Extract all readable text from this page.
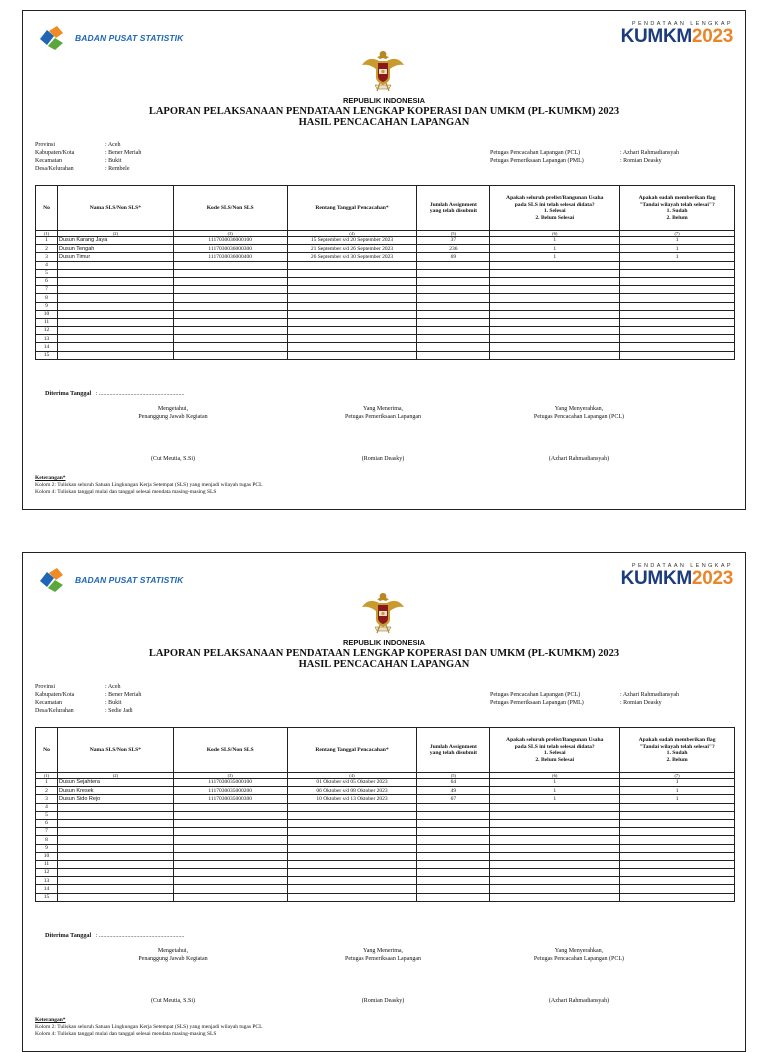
BADAN PUSAT STATISTIK
PENDATAAN LENGKAP
KUMKM2023
REPUBLIK INDONESIA
LAPORAN PELAKSANAAN PENDATAAN LENGKAP KOPERASI DAN UMKM (PL-KUMKM) 2023
HASIL PENCACAHAN LAPANGAN
Provinsi	: Aceh
Kabupaten/Kota	: Bener Meriah
Kecamatan	: Bukit
Desa/Kelurahan	: Rembele
Petugas Pencacahan Lapangan (PCL)	: Azhari Rahmadiansyah
Petugas Pemeriksaan Lapangan (PML)	: Romian Deasky
No	Nama SLS/Non SLS*	Kode SLS/Non SLS	Rentang Tanggal Pencacahan*	Jumlah Assignment
yang telah disubmit	Apakah seluruh prelist/Bangunan Usaha
pada SLS ini telah selesai didata?
1. Selesai
2. Belum Selesai	Apakah sudah memberikan flag
"Tandai wilayah telah selesai"?
1. Sudah
2. Belum
(1)	(2)	(3)	(4)	(5)	(6)	(7)
1	Dusun Karang Jaya	1117030036000100	15 September s/d 20 September 2023	37	1	1
2	Dusun Tengah	1117030036000300	21 September s/d 26 September 2023	236	1	1
3	Dusun Timur	1117030036000400	26 September s/d 30 September 2023	69	1	1
4						
5						
6						
7						
8						
9						
10						
11						
12						
13						
14						
15						
Diterima Tanggal : .........................................................
Mengetahui,
Penanggung Jawab Kegiatan
(Cut Meutia, S.Si)
Yang Menerima,
Petugas Pemeriksaan Lapangan
(Romian Deasky)
Yang Menyerahkan,
Petugas Pencacahan Lapangan (PCL)
(Azhari Rahmadiansyah)
Keterangan*
Kolom 2: Tuliskan seluruh Satuan Lingkungan Kerja Setempat (SLS) yang menjadi wilayah tugas PCL
Kolom 4: Tuliskan tanggal mulai dan tanggal selesai mendata masing-masing SLS
BADAN PUSAT STATISTIK
PENDATAAN LENGKAP
KUMKM2023
REPUBLIK INDONESIA
LAPORAN PELAKSANAAN PENDATAAN LENGKAP KOPERASI DAN UMKM (PL-KUMKM) 2023
HASIL PENCACAHAN LAPANGAN
Provinsi	: Aceh
Kabupaten/Kota	: Bener Meriah
Kecamatan	: Bukit
Desa/Kelurahan	: Sedie Jadi
Petugas Pencacahan Lapangan (PCL)	: Azhari Rahmadiansyah
Petugas Pemeriksaan Lapangan (PML)	: Romian Deasky
No	Nama SLS/Non SLS*	Kode SLS/Non SLS	Rentang Tanggal Pencacahan*	Jumlah Assignment
yang telah disubmit	Apakah seluruh prelist/Bangunan Usaha
pada SLS ini telah selesai didata?
1. Selesai
2. Belum Selesai	Apakah sudah memberikan flag
"Tandai wilayah telah selesai"?
1. Sudah
2. Belum
(1)	(2)	(3)	(4)	(5)	(6)	(7)
1	Dusun Sejahtera	1117030035000100	01 Oktober s/d 05 Oktober 2023	64	1	1
2	Dusun Kresek	1117030035000200	06 Oktober s/d 08 Oktober 2023	49	1	1
3	Dusun Sido Rejo	1117030035000300	10 Oktober s/d 13 Oktober 2023	67	1	1
4						
5						
6						
7						
8						
9						
10						
11						
12						
13						
14						
15						
Diterima Tanggal : .........................................................
Mengetahui,
Penanggung Jawab Kegiatan
(Cut Meutia, S.Si)
Yang Menerima,
Petugas Pemeriksaan Lapangan
(Romian Deasky)
Yang Menyerahkan,
Petugas Pencacahan Lapangan (PCL)
(Azhari Rahmadiansyah)
Keterangan*
Kolom 2: Tuliskan seluruh Satuan Lingkungan Kerja Setempat (SLS) yang menjadi wilayah tugas PCL
Kolom 4: Tuliskan tanggal mulai dan tanggal selesai mendata masing-masing SLS
